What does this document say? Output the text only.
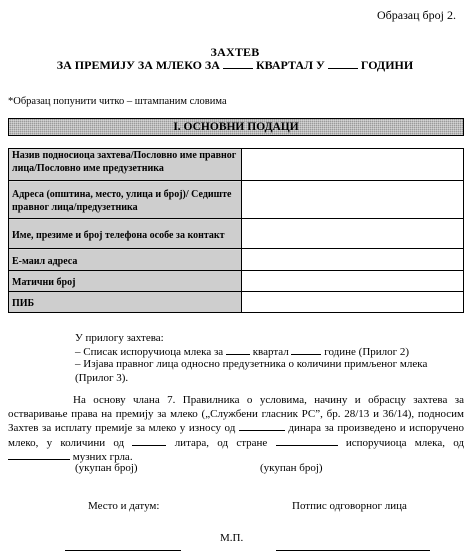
Образац број 2.
ЗАХТЕВ
ЗА ПРЕМИЈУ ЗА МЛЕКО ЗА	КВАРТАЛ У	ГОДИНИ
*Образац попунити читко – штампаним словима
I. ОСНОВНИ ПОДАЦИ
Назив подносиоца захтева/Пословно име правног лица/Пословно име предузетника	
Адреса (општина, место, улица и број)/ Седиште правног лица/предузетника	
Име, презиме и број телефона особе за контакт	
Е-маил адреса	
Матични број	
ПИБ	
У прилогу захтева:
– Списак испоручиоца млека за	квартал	године (Прилог 2)
– Изјава правног лица односно предузетника о количини примљеног млека (Прилог 3).
На основу члана 7. Правилника о условима, начину и обрасцу захтева за остваривање права на премију за млеко („Службени гласник РС”, бр. 28/13 и 36/14), подносим Захтев за исплату премије за млеко у износу од	динара за произведено и испоручено млеко, у количини од	литара, од стране	испоручиоца млека, од  музних грла.
(укупан број)	(укупан број)
Место и датум:	Потпис одговорног лица
М.П.
